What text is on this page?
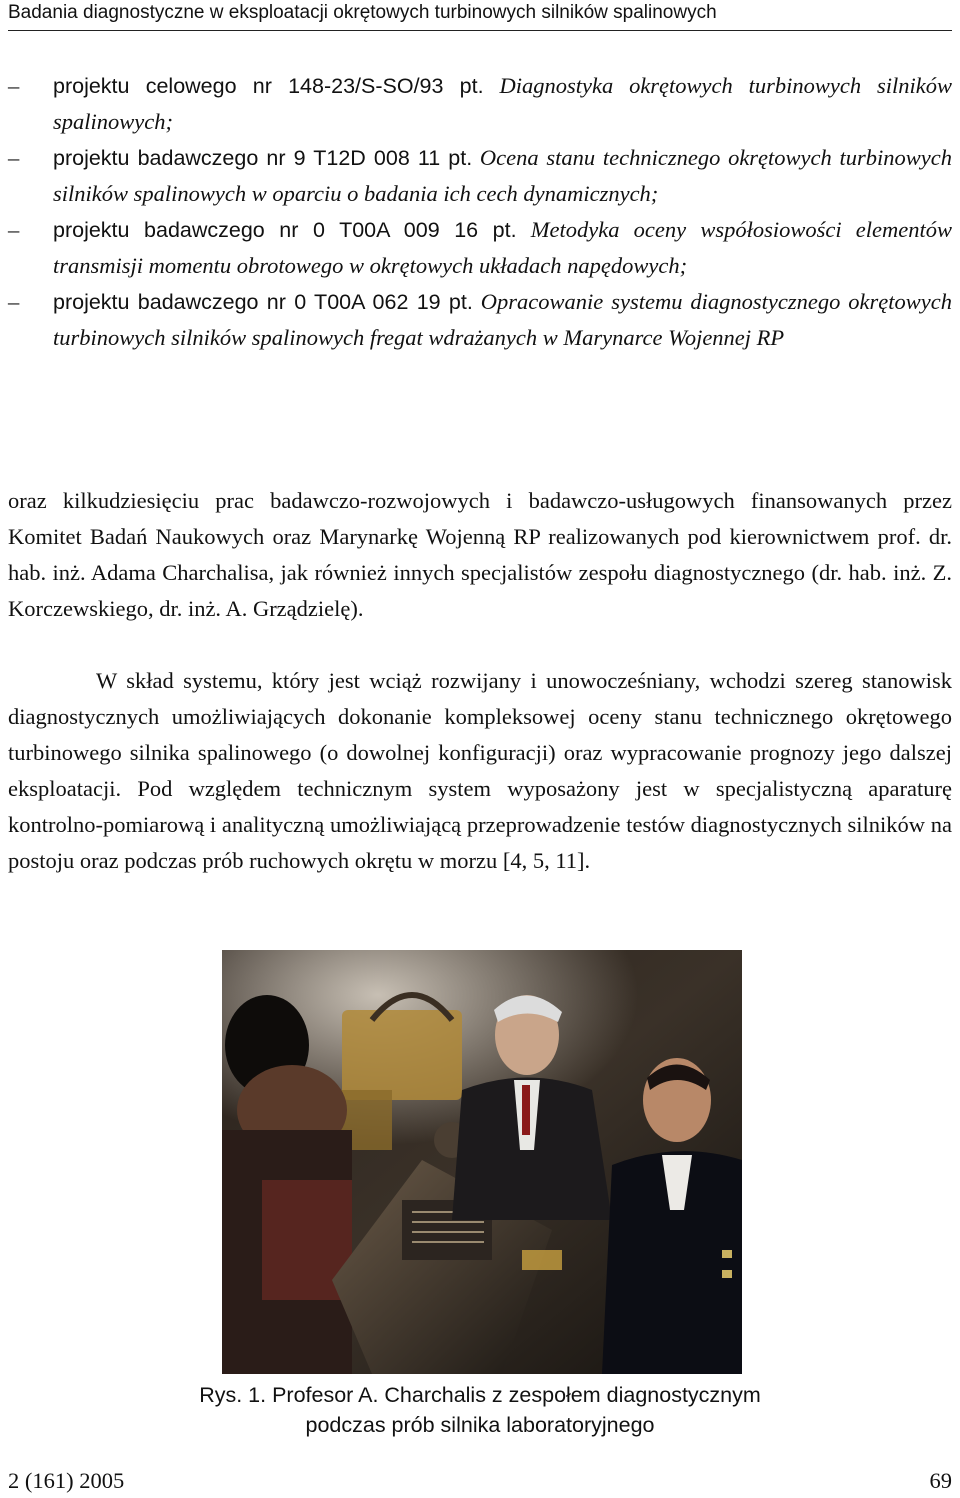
Badania diagnostyczne w eksploatacji okrętowych turbinowych silników spalinowych

– projektu celowego nr 148-23/S-SO/93 pt. Diagnostyka okrętowych turbinowych silników spalinowych;

– projektu badawczego nr 9 T12D 008 11 pt. Ocena stanu technicznego okrętowych turbinowych silników spalinowych w oparciu o badania ich cech dynamicznych;

– projektu badawczego nr 0 T00A 009 16 pt. Metodyka oceny współosiowości elementów transmisji momentu obrotowego w okrętowych układach napędowych;

– projektu badawczego nr 0 T00A 062 19 pt. Opracowanie systemu diagnostycznego okrętowych turbinowych silników spalinowych fregat wdrażanych w Marynarce Wojennej RP

oraz kilkudziesięciu prac badawczo-rozwojowych i badawczo-usługowych finansowanych przez Komitet Badań Naukowych oraz Marynarkę Wojenną RP realizowanych pod kierownictwem prof. dr. hab. inż. Adama Charchalisa, jak również innych specjalistów zespołu diagnostycznego (dr. hab. inż. Z. Korczewskiego, dr. inż. A. Grządzielę).

W skład systemu, który jest wciąż rozwijany i unowocześniany, wchodzi szereg stanowisk diagnostycznych umożliwiających dokonanie kompleksowej oceny stanu technicznego okrętowego turbinowego silnika spalinowego (o dowolnej konfiguracji) oraz wypracowanie prognozy jego dalszej eksploatacji. Pod względem technicznym system wyposażony jest w specjalistyczną aparaturę kontrolno-pomiarową i analityczną umożliwiającą przeprowadzenie testów diagnostycznych silników na postoju oraz podczas prób ruchowych okrętu w morzu [4, 5, 11].

Rys. 1. Profesor A. Charchalis z zespołem diagnostycznym
podczas prób silnika laboratoryjnego
2 (161) 2005	69
